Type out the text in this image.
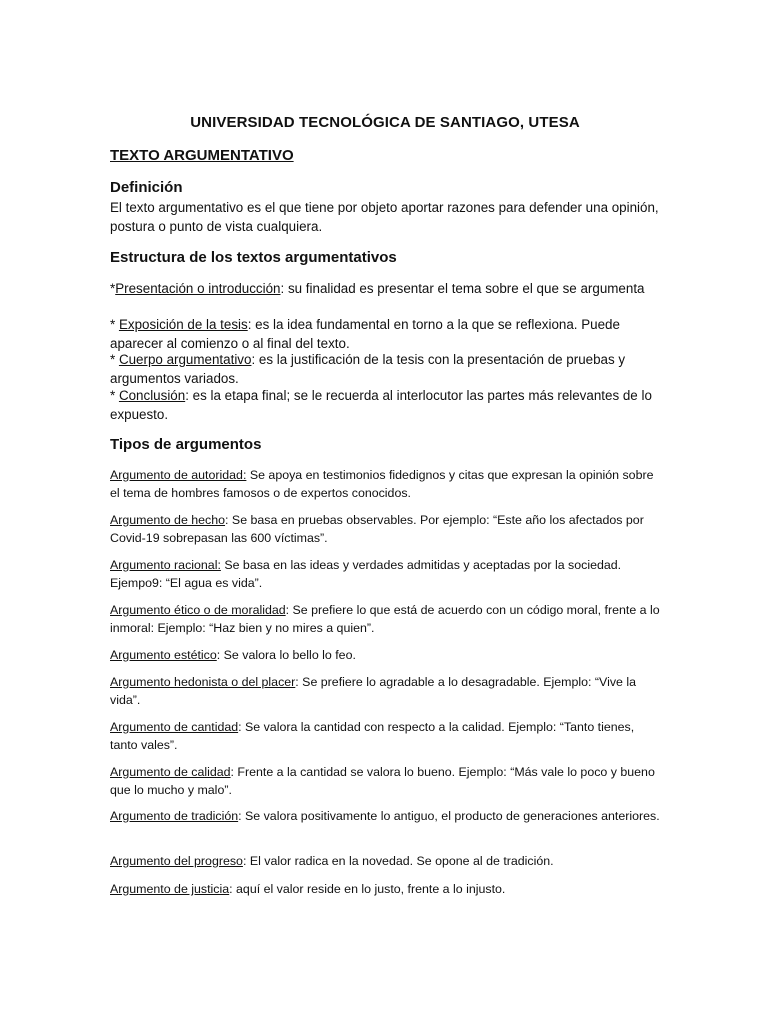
UNIVERSIDAD TECNOLÓGICA DE SANTIAGO, UTESA
TEXTO ARGUMENTATIVO
Definición
El texto argumentativo es el que tiene por objeto aportar razones para defender una opinión, postura o punto de vista cualquiera.
Estructura de los textos argumentativos
*Presentación o introducción: su finalidad es presentar el tema sobre el que se argumenta
* Exposición de la tesis: es la idea fundamental en torno a la que se reflexiona. Puede aparecer al comienzo o al final del texto.
* Cuerpo argumentativo: es la justificación de la tesis con la presentación de pruebas y argumentos variados.
* Conclusión: es la etapa final; se le recuerda al interlocutor las partes más relevantes de lo expuesto.
Tipos de argumentos
Argumento de autoridad: Se apoya en testimonios fidedignos y citas que expresan la opinión sobre el tema de hombres famosos o de expertos conocidos.
Argumento de hecho: Se basa en pruebas observables. Por ejemplo: “Este año los afectados por Covid-19 sobrepasan las 600 víctimas”.
Argumento racional: Se basa en las ideas y verdades admitidas y aceptadas por la sociedad. Ejempo9: “El agua es vida”.
Argumento ético o de moralidad: Se prefiere lo que está de acuerdo con un código moral, frente a lo inmoral: Ejemplo: “Haz bien y no mires a quien”.
Argumento estético: Se valora lo bello lo feo.
Argumento hedonista o del placer: Se prefiere lo agradable a lo desagradable. Ejemplo: “Vive la vida”.
Argumento de cantidad: Se valora la cantidad con respecto a la calidad. Ejemplo: “Tanto tienes, tanto vales”.
Argumento de calidad: Frente a la cantidad se valora lo bueno. Ejemplo: “Más vale lo poco y bueno que lo mucho y malo”.
Argumento de tradición: Se valora positivamente lo antiguo, el producto de generaciones anteriores.
Argumento del progreso: El valor radica en la novedad. Se opone al de tradición.
Argumento de justicia: aquí el valor reside en lo justo, frente a lo injusto.
